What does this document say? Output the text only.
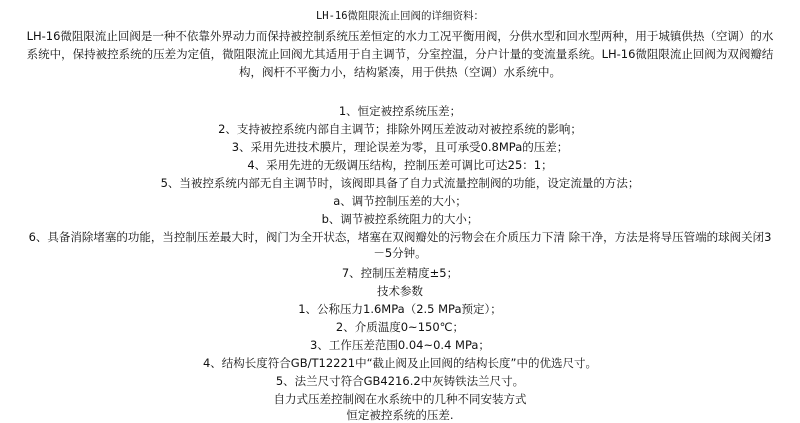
LH-16微阻限流止回阀的详细资料：
LH-16微阻限流止回阀是一种不依靠外界动力而保持被控制系统压差恒定的水力工况平衡用阀，分供水型和回水型两种，用于城镇供热（空调）的水
系统中，保持被控系统的压差为定值，微阻限流止回阀尤其适用于自主调节，分室控温，分户计量的变流量系统。LH-16微阻限流止回阀为双阀瓣结
构，阀杆不平衡力小，结构紧凑，用于供热（空调）水系统中。
1、恒定被控系统压差；
2、支持被控系统内部自主调节；排除外网压差波动对被控系统的影响；
3、采用先进技术膜片，理论误差为零，且可承受0.8MPa的压差；
4、采用先进的无级调压结构，控制压差可调比可达25：1；
5、当被控系统内部无自主调节时，该阀即具备了自力式流量控制阀的功能，设定流量的方法；
a、调节控制压差的大小；
b、调节被控系统阻力的大小；
6、具备消除堵塞的功能，当控制压差最大时，阀门为全开状态，堵塞在双阀瓣处的污物会在介质压力下清 除干净，方法是将导压管端的球阀关闭3
－5分钟。
7、控制压差精度±5；
技术参数
1、公称压力1.6MPa（2.5 MPa预定）；
2、介质温度0~150℃；
3、工作压差范围0.04~0.4 MPa；
4、结构长度符合GB/T12221中“截止阀及止回阀的结构长度”中的优选尺寸。
5、法兰尺寸符合GB4216.2中灰铸铁法兰尺寸。
自力式压差控制阀在水系统中的几种不同安装方式
恒定被控系统的压差.
